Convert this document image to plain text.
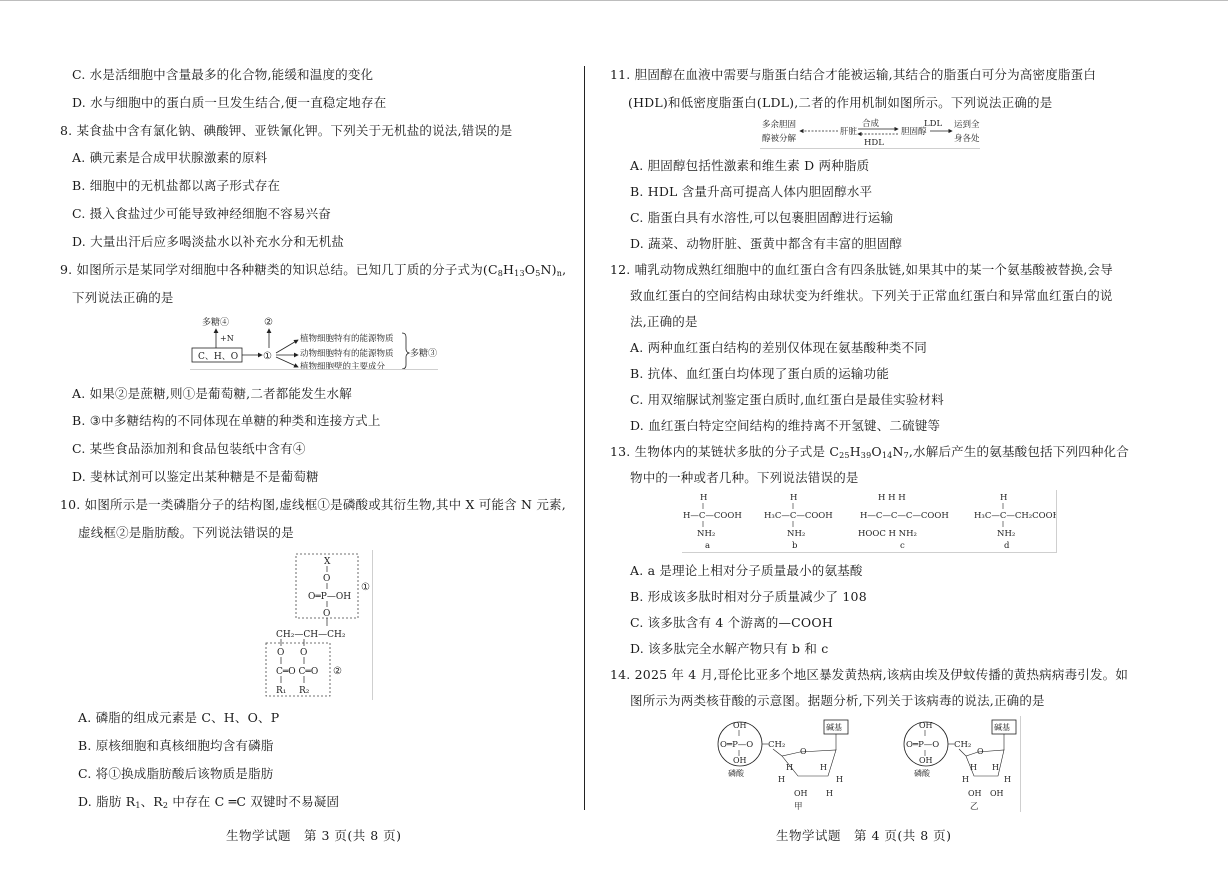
C. 水是活细胞中含量最多的化合物,能缓和温度的变化
D. 水与细胞中的蛋白质一旦发生结合,便一直稳定地存在
8. 某食盐中含有氯化钠、碘酸钾、亚铁氰化钾。下列关于无机盐的说法,错误的是
A. 碘元素是合成甲状腺激素的原料
B. 细胞中的无机盐都以离子形式存在
C. 摄入食盐过少可能导致神经细胞不容易兴奋
D. 大量出汗后应多喝淡盐水以补充水分和无机盐
9. 如图所示是某同学对细胞中各种糖类的知识总结。已知几丁质的分子式为$(C_8H_{13}O_5N)_n$,
下列说法正确的是
多糖④
+N
C、H、O ①
②
植物细胞特有的能源物质
动物细胞特有的能源物质
植物细胞壁的主要成分
多糖③
A. 如果②是蔗糖,则①是葡萄糖,二者都能发生水解
B. ③中多糖结构的不同体现在单糖的种类和连接方式上
C. 某些食品添加剂和食品包装纸中含有④
D. 斐林试剂可以鉴定出某种糖是不是葡萄糖
10. 如图所示是一类磷脂分子的结构图,虚线框①是磷酸或其衍生物,其中 X 可能含 N 元素,
虚线框②是脂肪酸。下列说法错误的是
X
O
O═P—OH
O
①
CH₂—CH—CH₂
O O
C═O C═O
R₁ R₂
②
A. 磷脂的组成元素是 C、H、O、P
B. 原核细胞和真核细胞均含有磷脂
C. 将①换成脂肪酸后该物质是脂肪
D. 脂肪 $R_1$、$R_2$ 中存在 C ═C 双键时不易凝固
生物学试题　第 3 页(共 8 页)
11. 胆固醇在血液中需要与脂蛋白结合才能被运输,其结合的脂蛋白可分为高密度脂蛋白
(HDL)和低密度脂蛋白(LDL),二者的作用机制如图所示。下列说法正确的是
多余胆固
醇被分解
肝脏
合成
HDL
胆固醇
LDL 运到全
身各处
A. 胆固醇包括性激素和维生素 D 两种脂质
B. HDL 含量升高可提高人体内胆固醇水平
C. 脂蛋白具有水溶性,可以包裹胆固醇进行运输
D. 蔬菜、动物肝脏、蛋黄中都含有丰富的胆固醇
12. 哺乳动物成熟红细胞中的血红蛋白含有四条肽链,如果其中的某一个氨基酸被替换,会导
致血红蛋白的空间结构由球状变为纤维状。下列关于正常血红蛋白和异常血红蛋白的说
法,正确的是
A. 两种血红蛋白结构的差别仅体现在氨基酸种类不同
B. 抗体、血红蛋白均体现了蛋白质的运输功能
C. 用双缩脲试剂鉴定蛋白质时,血红蛋白是最佳实验材料
D. 血红蛋白特定空间结构的维持离不开氢键、二硫键等
13. 生物体内的某链状多肽的分子式是 $C_{25}H_{39}O_{14}N_7$,水解后产生的氨基酸包括下列四种化合
物中的一种或者几种。下列说法错误的是
H
H—C—COOH
NH₂
a
H
H₃C—C—COOH
NH₂
b
H H H
H—C—C—C—COOH
HOOC H NH₂
c
H
H₃C—C—CH₂COOH
NH₂
d
A. a 是理论上相对分子质量最小的氨基酸
B. 形成该多肽时相对分子质量减少了 108
C. 该多肽含有 4 个游离的—COOH
D. 该多肽完全水解产物只有 b 和 c
14. 2025 年 4 月,哥伦比亚多个地区暴发黄热病,该病由埃及伊蚊传播的黄热病病毒引发。如
图所示为两类核苷酸的示意图。据题分析,下列关于该病毒的说法,正确的是
OH
O═P—O
OH
磷酸
CH₂
碱基
O
H
H
H
H
OH H
甲
OH
O═P—O
OH
磷酸
CH₂
碱基
O
H
H
H
H
OH OH
乙
生物学试题　第 4 页(共 8 页)
